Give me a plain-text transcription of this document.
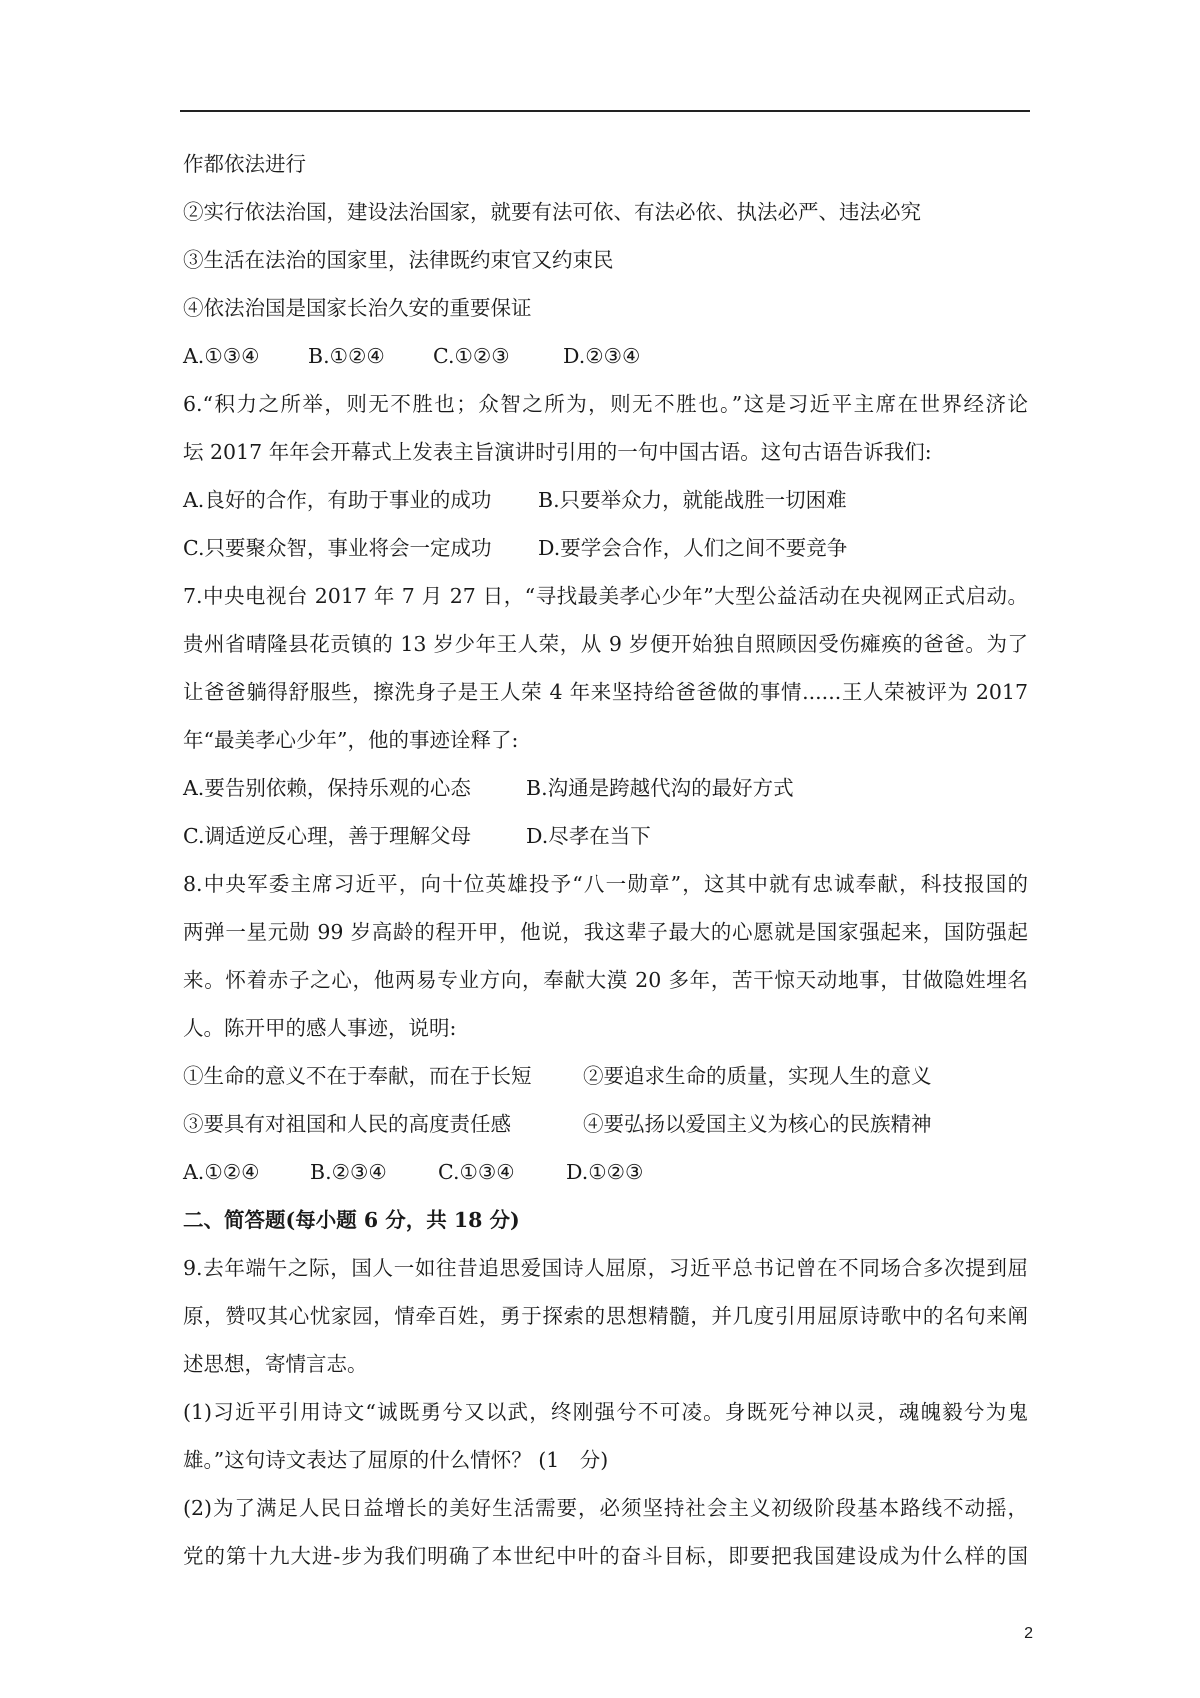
作都依法进行
②实行依法治国，建设法治国家，就要有法可依、有法必依、执法必严、违法必究
③生活在法治的国家里，法律既约束官又约束民
④依法治国是国家长治久安的重要保证
A.①③④	B.①②④	C.①②③	D.②③④
6.“积力之所举，则无不胜也；众智之所为，则无不胜也。”这是习近平主席在世界经济论
坛 2017 年年会开幕式上发表主旨演讲时引用的一句中国古语。这句古语告诉我们:
A.良好的合作，有助于事业的成功	B.只要举众力，就能战胜一切困难
C.只要聚众智，事业将会一定成功	D.要学会合作，人们之间不要竞争
7.中央电视台 2017 年 7 月 27 日，“寻找最美孝心少年”大型公益活动在央视网正式启动。
贵州省晴隆县花贡镇的 13 岁少年王人荣，从 9 岁便开始独自照顾因受伤瘫痪的爸爸。为了
让爸爸躺得舒服些，擦洗身子是王人荣 4 年来坚持给爸爸做的事情......王人荣被评为 2017
年“最美孝心少年”，他的事迹诠释了:
A.要告别依赖，保持乐观的心态	B.沟通是跨越代沟的最好方式
C.调适逆反心理，善于理解父母	D.尽孝在当下
8.中央军委主席习近平，向十位英雄投予“八一勋章”，这其中就有忠诚奉献，科技报国的
两弹一星元勋 99 岁高龄的程开甲，他说，我这辈子最大的心愿就是国家强起来，国防强起
来。怀着赤子之心，他两易专业方向，奉献大漠 20 多年，苦干惊天动地事，甘做隐姓埋名
人。陈开甲的感人事迹，说明:
①生命的意义不在于奉献，而在于长短	②要追求生命的质量，实现人生的意义
③要具有对祖国和人民的高度责任感	④要弘扬以爱国主义为核心的民族精神
A.①②④	B.②③④	C.①③④	D.①②③
二、简答题(每小题 6 分，共 18 分)
9.去年端午之际，国人一如往昔追思爱国诗人屈原，习近平总书记曾在不同场合多次提到屈
原，赞叹其心忧家园，情牵百姓，勇于探索的思想精髓，并几度引用屈原诗歌中的名句来阐
述思想，寄情言志。
(1)习近平引用诗文“诚既勇兮又以武，终刚强兮不可凌。身既死兮神以灵，魂魄毅兮为鬼
雄。”这句诗文表达了屈原的什么情怀？ (1　分)
(2)为了满足人民日益增长的美好生活需要，必须坚持社会主义初级阶段基本路线不动摇，
党的第十九大进-步为我们明确了本世纪中叶的奋斗目标，即要把我国建设成为什么样的国
2
